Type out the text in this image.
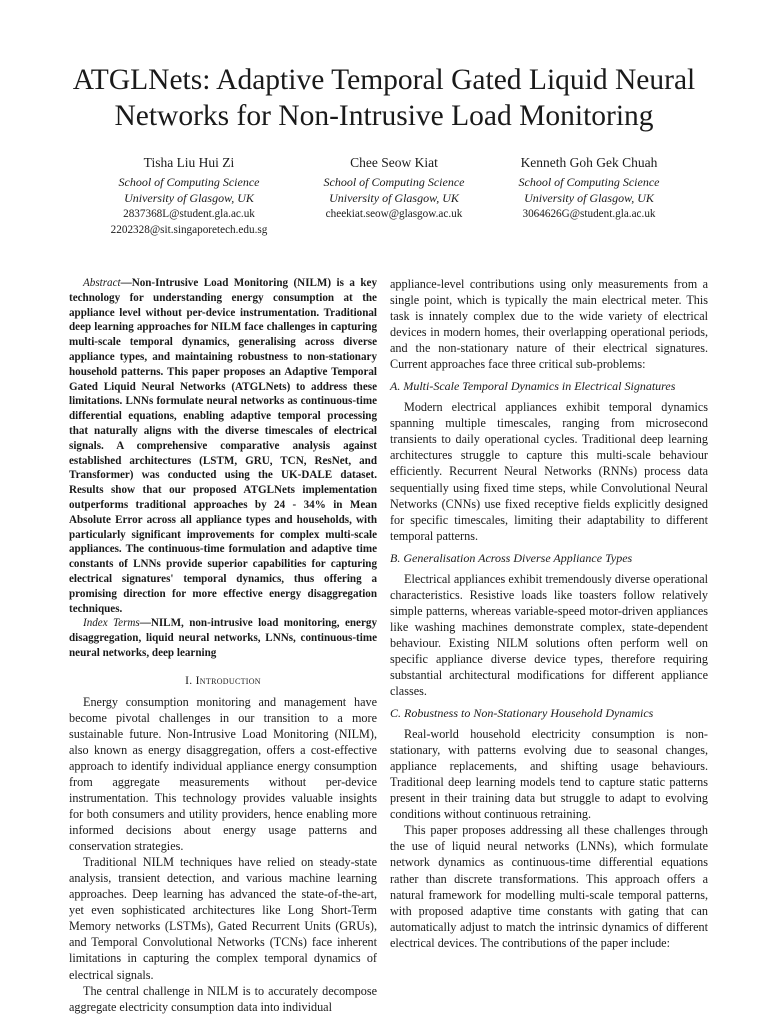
ATGLNets: Adaptive Temporal Gated Liquid Neural Networks for Non-Intrusive Load Monitoring
Tisha Liu Hui Zi
School of Computing Science
University of Glasgow, UK
2837368L@student.gla.ac.uk
2202328@sit.singaporetech.edu.sg
Chee Seow Kiat
School of Computing Science
University of Glasgow, UK
cheekiat.seow@glasgow.ac.uk
Kenneth Goh Gek Chuah
School of Computing Science
University of Glasgow, UK
3064626G@student.gla.ac.uk

Abstract—Non-Intrusive Load Monitoring (NILM) is a key technology for understanding energy consumption at the appliance level without per-device instrumentation. Traditional deep learning approaches for NILM face challenges in capturing multi-scale temporal dynamics, generalising across diverse appliance types, and maintaining robustness to non-stationary household patterns. This paper proposes an Adaptive Temporal Gated Liquid Neural Networks (ATGLNets) to address these limitations. LNNs formulate neural networks as continuous-time differential equations, enabling adaptive temporal processing that naturally aligns with the diverse timescales of electrical signals. A comprehensive comparative analysis against established architectures (LSTM, GRU, TCN, ResNet, and Transformer) was conducted using the UK-DALE dataset. Results show that our proposed ATGLNets implementation outperforms traditional approaches by 24 - 34% in Mean Absolute Error across all appliance types and households, with particularly significant improvements for complex multi-scale appliances. The continuous-time formulation and adaptive time constants of LNNs provide superior capabilities for capturing electrical signatures' temporal dynamics, thus offering a promising direction for more effective energy disaggregation techniques.

Index Terms—NILM, non-intrusive load monitoring, energy disaggregation, liquid neural networks, LNNs, continuous-time neural networks, deep learning

I. Introduction

Energy consumption monitoring and management have become pivotal challenges in our transition to a more sustainable future. Non-Intrusive Load Monitoring (NILM), also known as energy disaggregation, offers a cost-effective approach to identify individual appliance energy consumption from aggregate measurements without per-device instrumentation. This technology provides valuable insights for both consumers and utility providers, hence enabling more informed decisions about energy usage patterns and conservation strategies.

Traditional NILM techniques have relied on steady-state analysis, transient detection, and various machine learning approaches. Deep learning has advanced the state-of-the-art, yet even sophisticated architectures like Long Short-Term Memory networks (LSTMs), Gated Recurrent Units (GRUs), and Temporal Convolutional Networks (TCNs) face inherent limitations in capturing the complex temporal dynamics of electrical signals.

The central challenge in NILM is to accurately decompose aggregate electricity consumption data into individual

appliance-level contributions using only measurements from a single point, which is typically the main electrical meter. This task is innately complex due to the wide variety of electrical devices in modern homes, their overlapping operational periods, and the non-stationary nature of their electrical signatures. Current approaches face three critical sub-problems:

A. Multi-Scale Temporal Dynamics in Electrical Signatures

Modern electrical appliances exhibit temporal dynamics spanning multiple timescales, ranging from microsecond transients to daily operational cycles. Traditional deep learning architectures struggle to capture this multi-scale behaviour efficiently. Recurrent Neural Networks (RNNs) process data sequentially using fixed time steps, while Convolutional Neural Networks (CNNs) use fixed receptive fields explicitly designed for specific timescales, limiting their adaptability to different temporal patterns.

B. Generalisation Across Diverse Appliance Types

Electrical appliances exhibit tremendously diverse operational characteristics. Resistive loads like toasters follow relatively simple patterns, whereas variable-speed motor-driven appliances like washing machines demonstrate complex, state-dependent behaviour. Existing NILM solutions often perform well on specific appliance diverse device types, therefore requiring substantial architectural modifications for different appliance classes.

C. Robustness to Non-Stationary Household Dynamics

Real-world household electricity consumption is non-stationary, with patterns evolving due to seasonal changes, appliance replacements, and shifting usage behaviours. Traditional deep learning models tend to capture static patterns present in their training data but struggle to adapt to evolving conditions without continuous retraining.

This paper proposes addressing all these challenges through the use of liquid neural networks (LNNs), which formulate network dynamics as continuous-time differential equations rather than discrete transformations. This approach offers a natural framework for modelling multi-scale temporal patterns, with proposed adaptive time constants with gating that can automatically adjust to match the intrinsic dynamics of different electrical devices. The contributions of the paper include:
